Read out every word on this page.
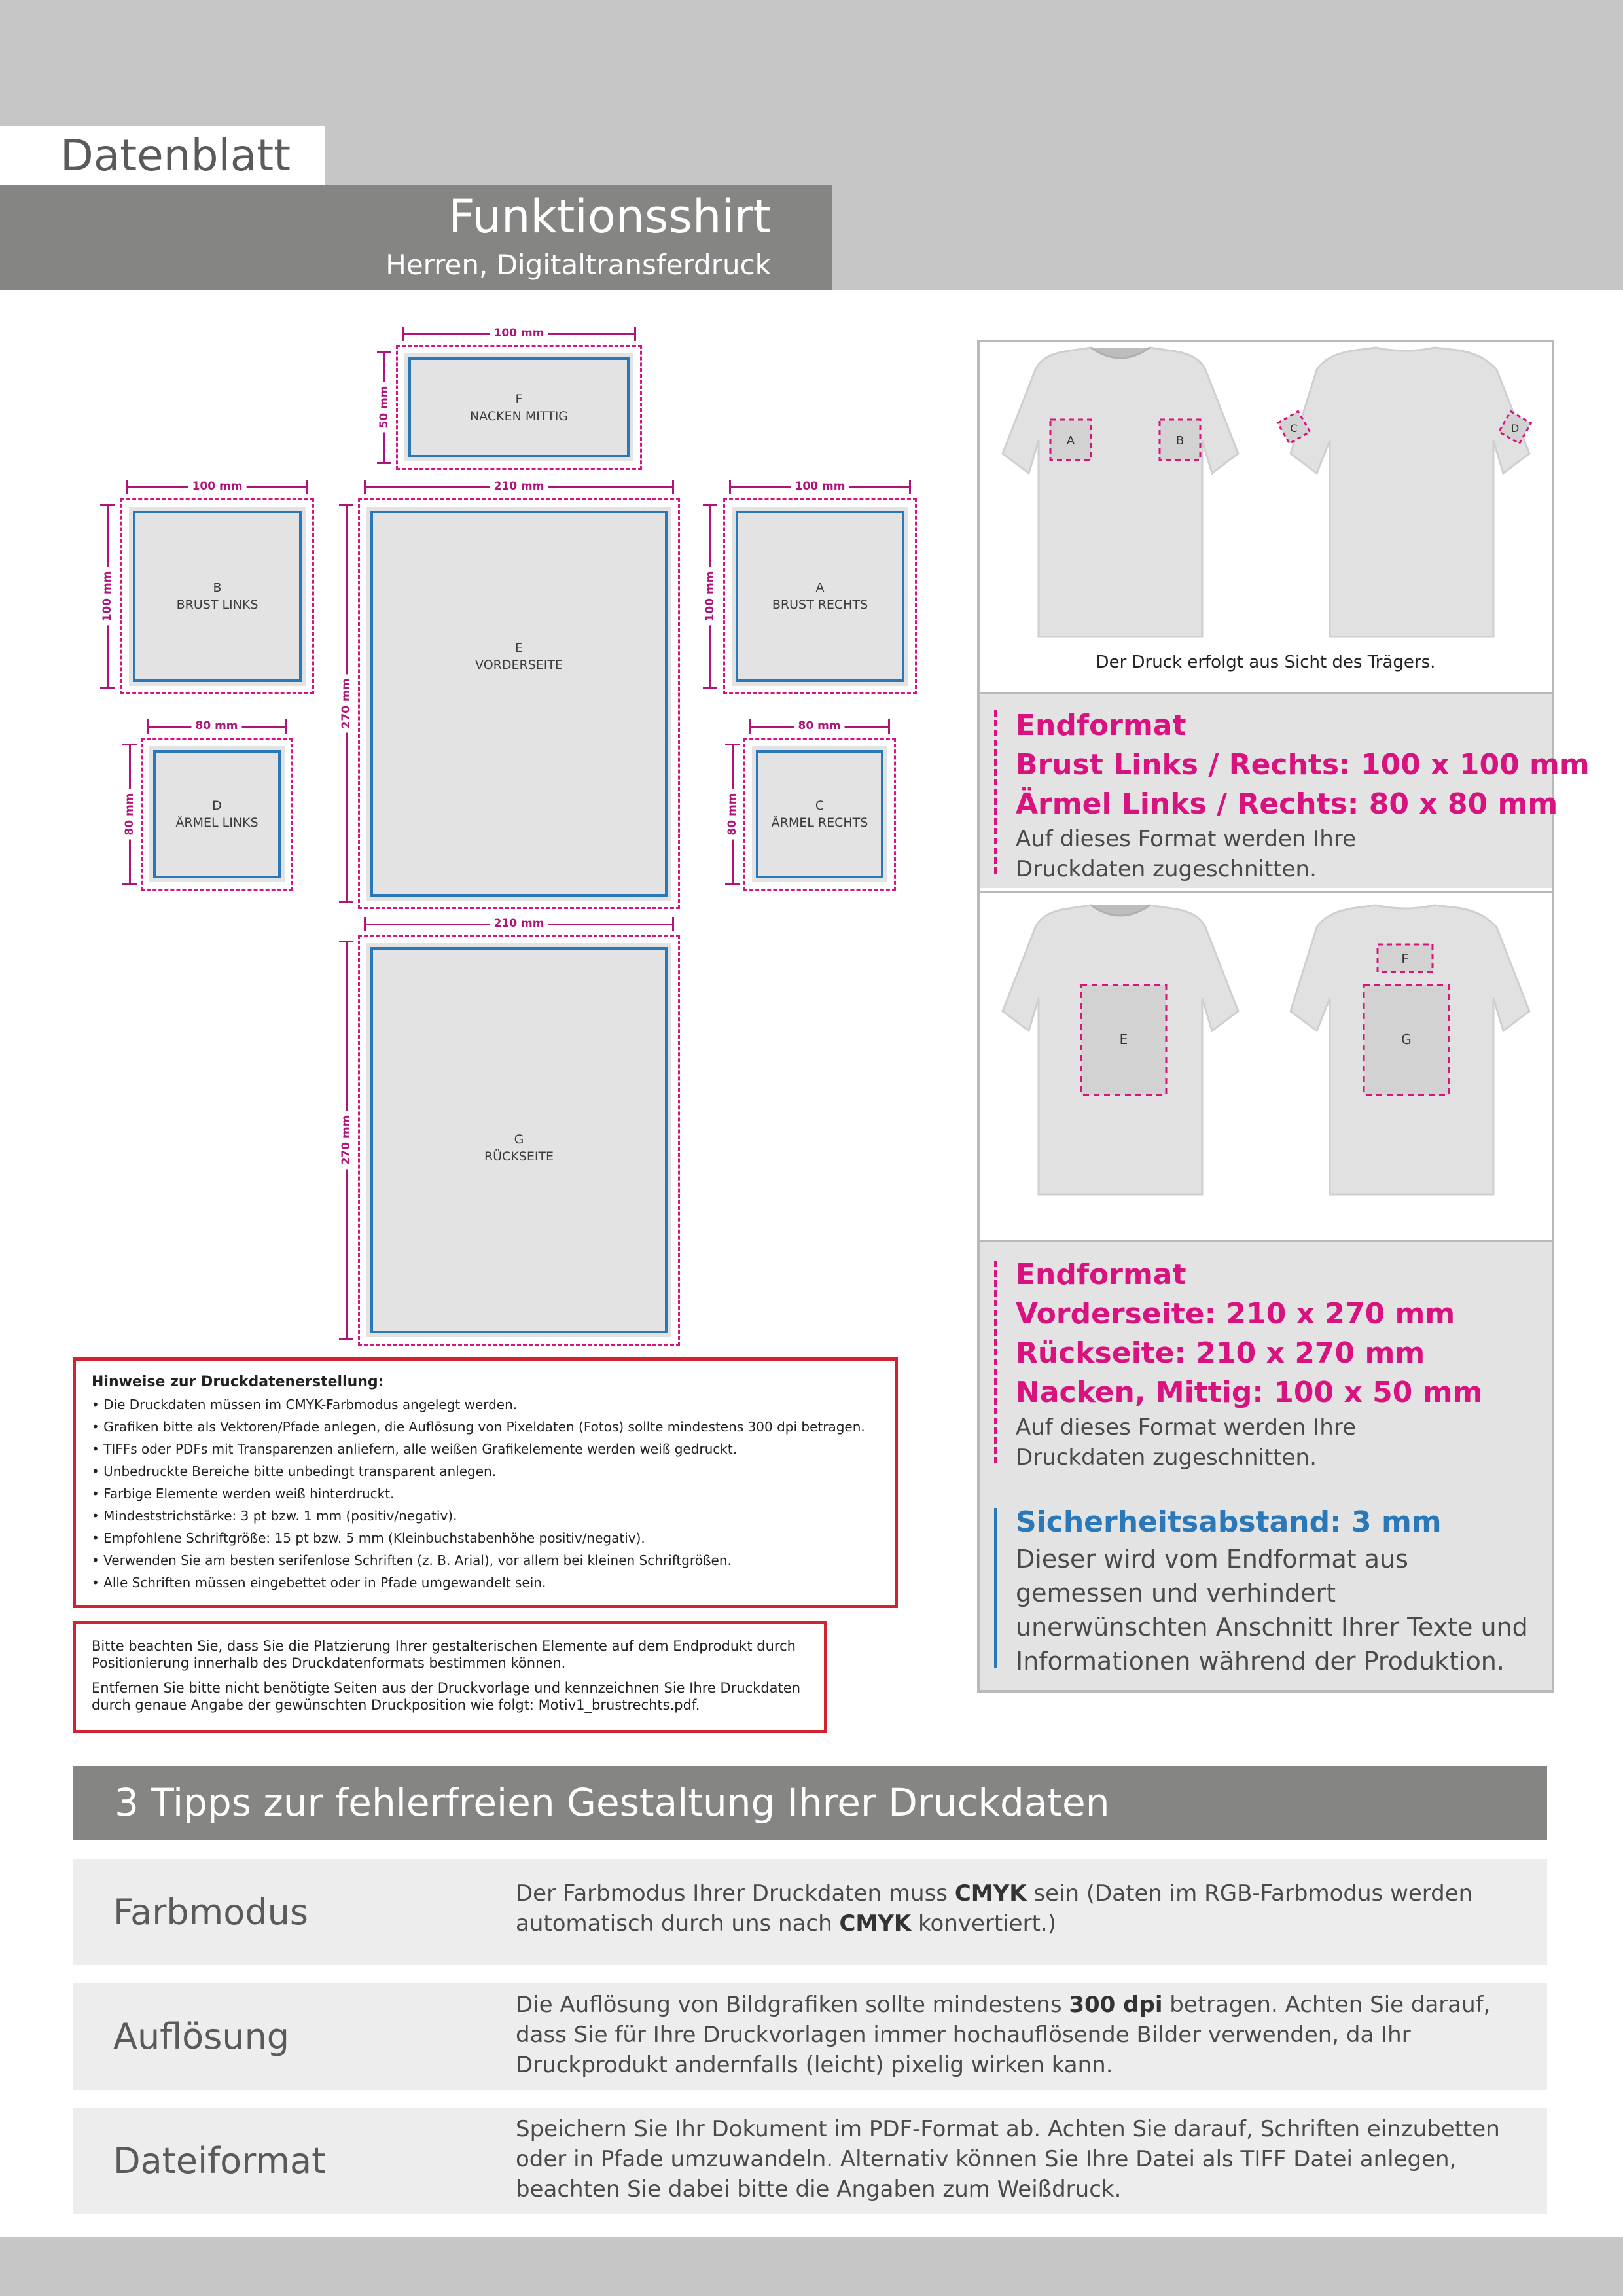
Datenblatt
Funktionsshirt
Herren, Digitaltransferdruck
F
NACKEN MITTIG
100 mm
50 mm
B
BRUST LINKS
100 mm
100 mm
E
VORDERSEITE
210 mm
270 mm
A
BRUST RECHTS
100 mm
100 mm
D
ÄRMEL LINKS
80 mm
80 mm	C
ÄRMEL RECHTS
80 mm
80 mm
G
RÜCKSEITE
210 mm
270 mm
A	B
C	D
Der Druck erfolgt aus Sicht des Trägers.
Endformat
Brust Links / Rechts: 100 x 100 mm
Ärmel Links / Rechts: 80 x 80 mm
Auf dieses Format werden Ihre Druckdaten zugeschnitten.
E
F
G
Endformat
Vorderseite: 210 x 270 mm
Rückseite: 210 x 270 mm
Nacken, Mittig: 100 x 50 mm
Auf dieses Format werden Ihre Druckdaten zugeschnitten.
Sicherheitsabstand: 3 mm
Dieser wird vom Endformat aus gemessen und verhindert unerwünschten Anschnitt Ihrer Texte und Informationen während der Produktion.
Hinweise zur Druckdatenerstellung:
• Die Druckdaten müssen im CMYK-Farbmodus angelegt werden.
• Grafiken bitte als Vektoren/Pfade anlegen, die Auflösung von Pixeldaten (Fotos) sollte mindestens 300 dpi betragen.
• TIFFs oder PDFs mit Transparenzen anliefern, alle weißen Grafikelemente werden weiß gedruckt.
• Unbedruckte Bereiche bitte unbedingt transparent anlegen.
• Farbige Elemente werden weiß hinterdruckt.
• Mindeststrichstärke: 3 pt bzw. 1 mm (positiv/negativ).
• Empfohlene Schriftgröße: 15 pt bzw. 5 mm (Kleinbuchstabenhöhe positiv/negativ).
• Verwenden Sie am besten serifenlose Schriften (z. B. Arial), vor allem bei kleinen Schriftgrößen.
• Alle Schriften müssen eingebettet oder in Pfade umgewandelt sein.
Bitte beachten Sie, dass Sie die Platzierung Ihrer gestalterischen Elemente auf dem Endprodukt durch Positionierung innerhalb des Druckdatenformats bestimmen können.
Entfernen Sie bitte nicht benötigte Seiten aus der Druckvorlage und kennzeichnen Sie Ihre Druckdaten durch genaue Angabe der gewünschten Druckposition wie folgt: Motiv1_brustrechts.pdf.
3 Tipps zur fehlerfreien Gestaltung Ihrer Druckdaten
Farbmodus	Der Farbmodus Ihrer Druckdaten muss CMYK sein (Daten im RGB-Farbmodus werden automatisch durch uns nach CMYK konvertiert.)
Auflösung
Die Auflösung von Bildgrafiken sollte mindestens 300 dpi betragen. Achten Sie darauf, dass Sie für Ihre Druckvorlagen immer hochauflösende Bilder verwenden, da Ihr Druckprodukt andernfalls (leicht) pixelig wirken kann.
Dateiformat
Speichern Sie Ihr Dokument im PDF-Format ab. Achten Sie darauf, Schriften einzubetten oder in Pfade umzuwandeln. Alternativ können Sie Ihre Datei als TIFF Datei anlegen, beachten Sie dabei bitte die Angaben zum Weißdruck.
